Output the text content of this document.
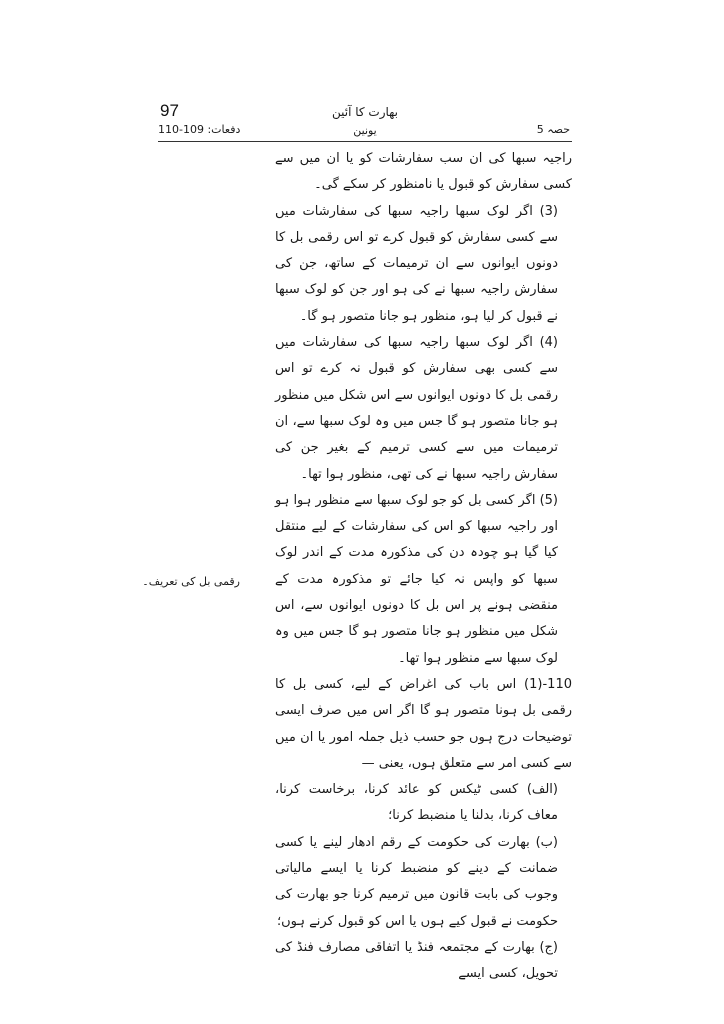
97	بھارت کا آئین
یونین
دفعات: 109-110	حصہ 5

راجیہ سبھا کی ان سب سفارشات کو یا ان میں سے کسی سفارش کو قبول یا نامنظور کر سکے گی۔

(3) اگر لوک سبھا راجیہ سبھا کی سفارشات میں سے کسی سفارش کو قبول کرے تو اس رقمی بل کا دونوں ایوانوں سے ان ترمیمات کے ساتھ، جن کی سفارش راجیہ سبھا نے کی ہو اور جن کو لوک سبھا نے قبول کر لیا ہو، منظور ہو جانا متصور ہو گا۔

(4) اگر لوک سبھا راجیہ سبھا کی سفارشات میں سے کسی بھی سفارش کو قبول نہ کرے تو اس رقمی بل کا دونوں ایوانوں سے اس شکل میں منظور ہو جانا متصور ہو گا جس میں وہ لوک سبھا سے، ان ترمیمات میں سے کسی ترمیم کے بغیر جن کی سفارش راجیہ سبھا نے کی تھی، منظور ہوا تھا۔

(5) اگر کسی بل کو جو لوک سبھا سے منظور ہوا ہو اور راجیہ سبھا کو اس کی سفارشات کے لیے منتقل کیا گیا ہو چودہ دن کی مذکورہ مدت کے اندر لوک سبھا کو واپس نہ کیا جائے تو مذکورہ مدت کے منقضی ہونے پر اس بل کا دونوں ایوانوں سے، اس شکل میں منظور ہو جانا متصور ہو گا جس میں وہ لوک سبھا سے منظور ہوا تھا۔

110-(1) اس باب کی اغراض کے لیے، کسی بل کا رقمی بل ہونا متصور ہو گا اگر اس میں صرف ایسی توضیحات درج ہوں جو حسب ذیل جملہ امور یا ان میں سے کسی امر سے متعلق ہوں، یعنی —

(الف) کسی ٹیکس کو عائد کرنا، برخاست کرنا، معاف کرنا، بدلنا یا منضبط کرنا؛

(ب) بھارت کی حکومت کے رقم ادھار لینے یا کسی ضمانت کے دینے کو منضبط کرنا یا ایسے مالیاتی وجوب کی بابت قانون میں ترمیم کرنا جو بھارت کی حکومت نے قبول کیے ہوں یا اس کو قبول کرنے ہوں؛

(ج) بھارت کے مجتمعہ فنڈ یا اتفاقی مصارف فنڈ کی تحویل، کسی ایسے

رقمی بل کی تعریف۔
